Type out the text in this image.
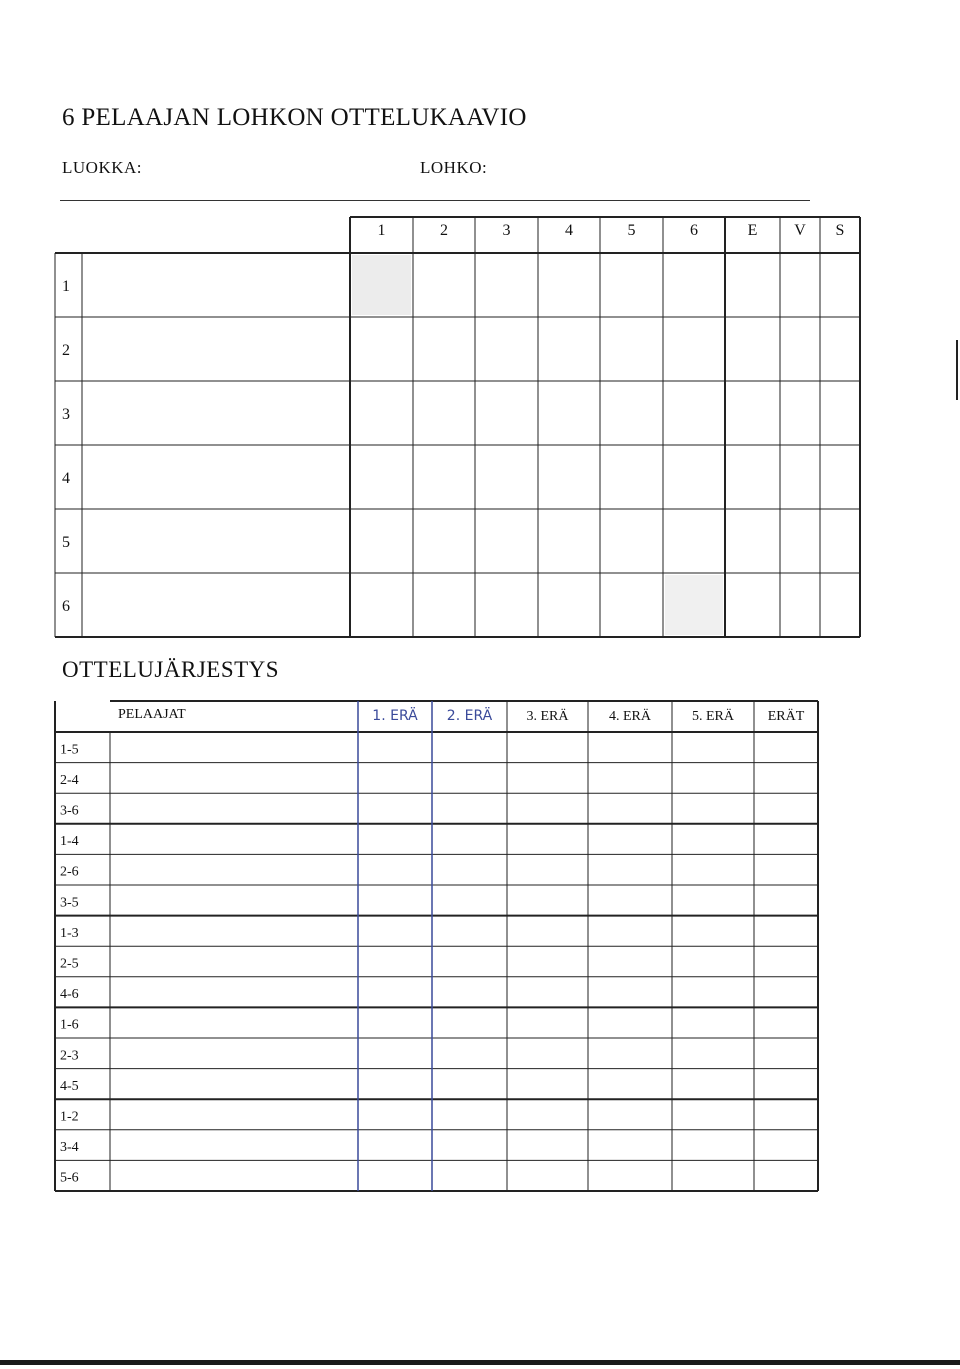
6 PELAAJAN LOHKON OTTELUKAAVIO
LUOKKA:	LOHKO:
1	2	3	4	5	6	E V S
1
2
3
4
5
6
OTTELUJÄRJESTYS
PELAAJAT	1. ERÄ 2. ERÄ 3. ERÄ	4. ERÄ	5. ERÄ ERÄT
1-5
2-4
3-6
1-4
2-6
3-5
1-3
2-5
4-6
1-6
2-3
4-5
1-2
3-4
5-6
